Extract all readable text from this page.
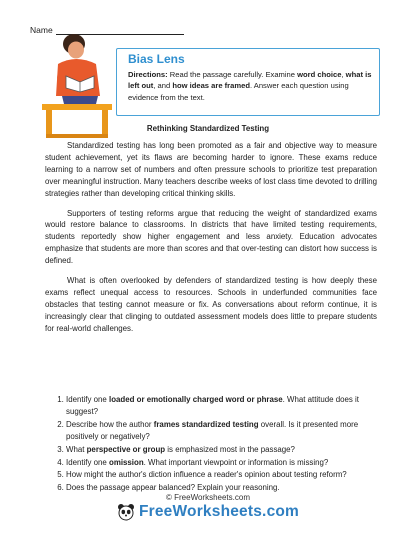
Name
Bias Lens
Directions: Read the passage carefully. Examine word choice, what is left out, and how ideas are framed. Answer each question using evidence from the text.
Rethinking Standardized Testing

Standardized testing has long been promoted as a fair and objective way to measure student achievement, yet its flaws are becoming harder to ignore. These exams reduce learning to a narrow set of numbers and often pressure schools to prioritize test preparation over meaningful instruction. Many teachers describe weeks of lost class time devoted to drilling strategies rather than developing critical thinking skills.

Supporters of testing reforms argue that reducing the weight of standardized exams would restore balance to classrooms. In districts that have limited testing requirements, students reportedly show higher engagement and less anxiety. Education advocates emphasize that students are more than scores and that over-testing can distort how success is defined.

What is often overlooked by defenders of standardized testing is how deeply these exams reflect unequal access to resources. Schools in underfunded communities face obstacles that testing cannot measure or fix. As conversations about reform continue, it is increasingly clear that clinging to outdated assessment models does little to prepare students for real-world challenges.

1. Identify one loaded or emotionally charged word or phrase. What attitude does it suggest?
2. Describe how the author frames standardized testing overall. Is it presented more positively or negatively?
3. What perspective or group is emphasized most in the passage?
4. Identify one omission. What important viewpoint or information is missing?
5. How might the author's diction influence a reader's opinion about testing reform?
6. Does the passage appear balanced? Explain your reasoning.
© FreeWorksheets.com
FreeWorksheets.com
